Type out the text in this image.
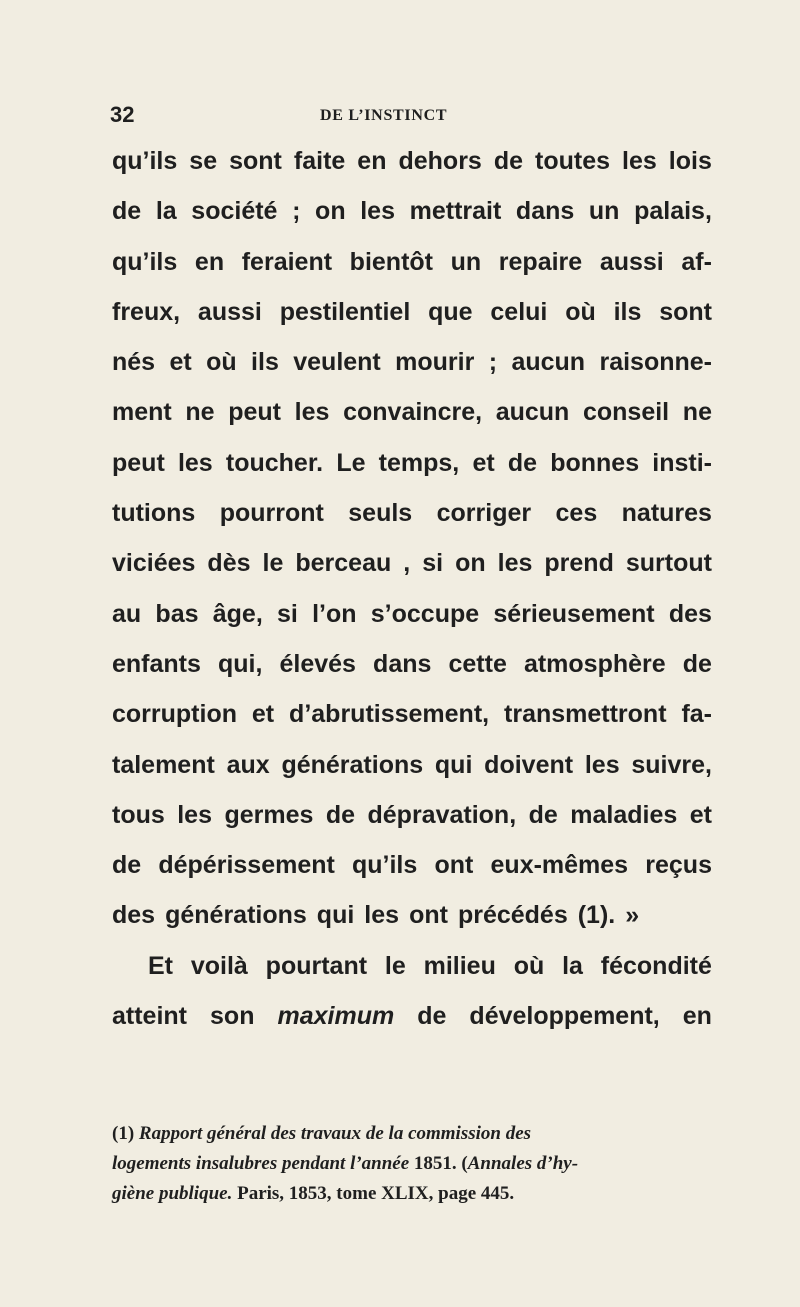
32	DE L’INSTINCT
qu’ils se sont faite en dehors de toutes les lois
de la société ; on les mettrait dans un palais,
qu’ils en feraient bientôt un repaire aussi af-
freux, aussi pestilentiel que celui où ils sont
nés et où ils veulent mourir ; aucun raisonne-
ment ne peut les convaincre, aucun conseil ne
peut les toucher. Le temps, et de bonnes insti-
tutions pourront seuls corriger ces natures
viciées dès le berceau , si on les prend surtout
au bas âge, si l’on s’occupe sérieusement des
enfants qui, élevés dans cette atmosphère de
corruption et d’abrutissement, transmettront fa-
talement aux générations qui doivent les suivre,
tous les germes de dépravation, de maladies et
de dépérissement qu’ils ont eux-mêmes reçus
des générations qui les ont précédés (1). »
Et voilà pourtant le milieu où la fécondité
atteint son maximum de développement, en
(1) Rapport général des travaux de la commission des
logements insalubres pendant l’année 1851. (Annales d’hy-
giène publique. Paris, 1853, tome XLIX, page 445.
